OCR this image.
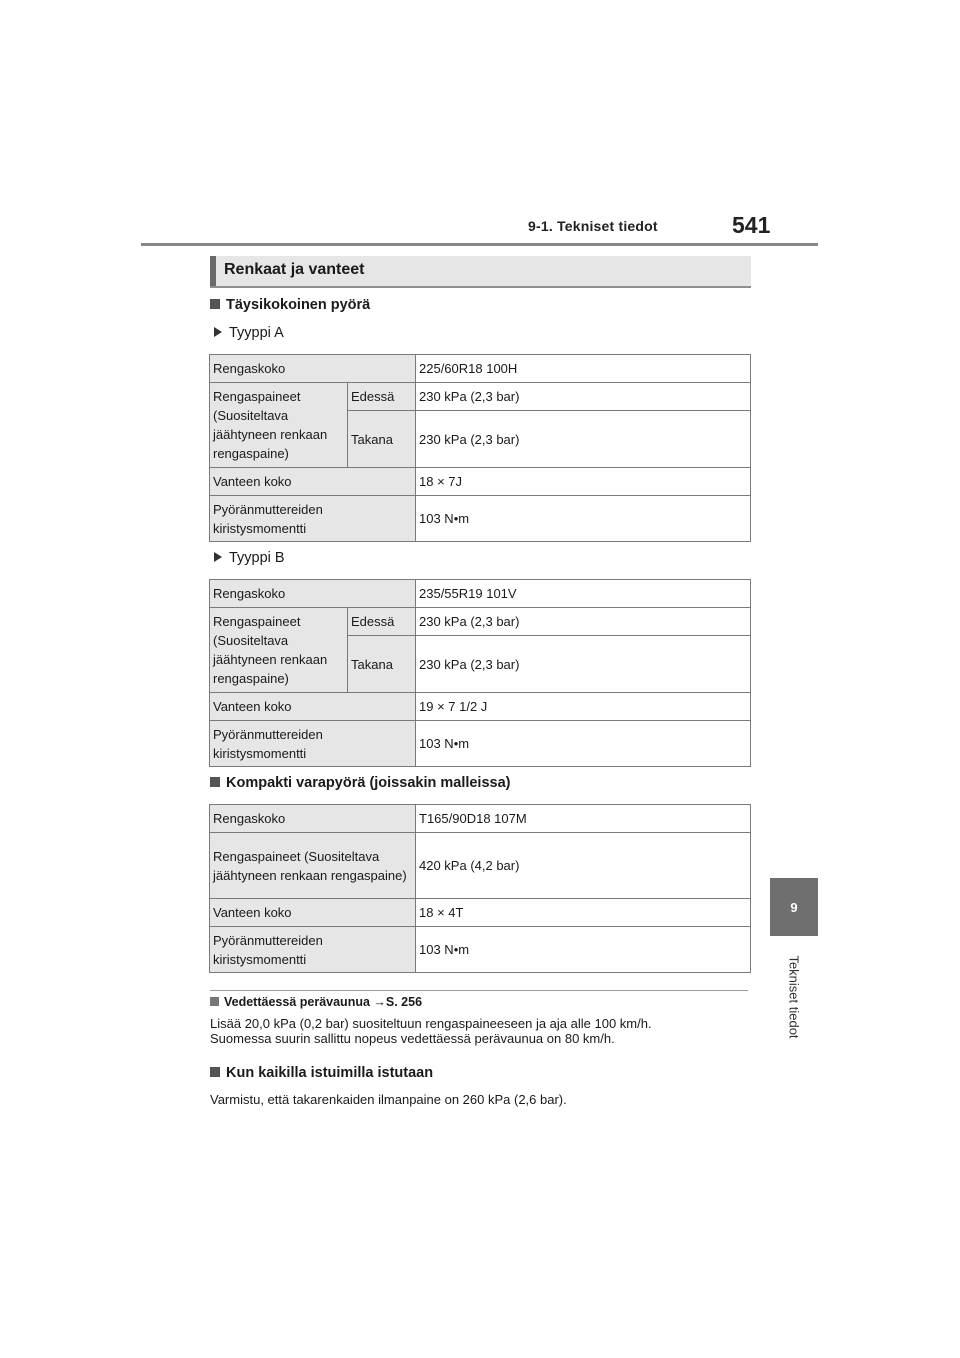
9-1. Tekniset tiedot	541
9
Tekniset tiedot
Renkaat ja vanteet
Täysikokoinen pyörä
Tyyppi A
Rengaskoko		225/60R18 100H
Rengaspaineet (Suositeltava jäähtyneen renkaan rengaspaine)	Edessä	230 kPa (2,3 bar)
	Takana	230 kPa (2,3 bar)
Vanteen koko		18 × 7J
Pyöränmuttereiden kiristysmomentti		103 N•m
Tyyppi B
Rengaskoko		235/55R19 101V
Rengaspaineet (Suositeltava jäähtyneen renkaan rengaspaine)	Edessä	230 kPa (2,3 bar)
	Takana	230 kPa (2,3 bar)
Vanteen koko		19 × 7 1/2 J
Pyöränmuttereiden kiristysmomentti		103 N•m
Kompakti varapyörä (joissakin malleissa)
Rengaskoko	T165/90D18 107M
Rengaspaineet (Suositeltava jäähtyneen renkaan rengaspaine)	420 kPa (4,2 bar)
Vanteen koko	18 × 4T
Pyöränmuttereiden kiristysmomentti	103 N•m
Vedettäessä perävaunua →S. 256
Lisää 20,0 kPa (0,2 bar) suositeltuun rengaspaineeseen ja aja alle 100 km/h.
Suomessa suurin sallittu nopeus vedettäessä perävaunua on 80 km/h.
Kun kaikilla istuimilla istutaan
Varmistu, että takarenkaiden ilmanpaine on 260 kPa (2,6 bar).
